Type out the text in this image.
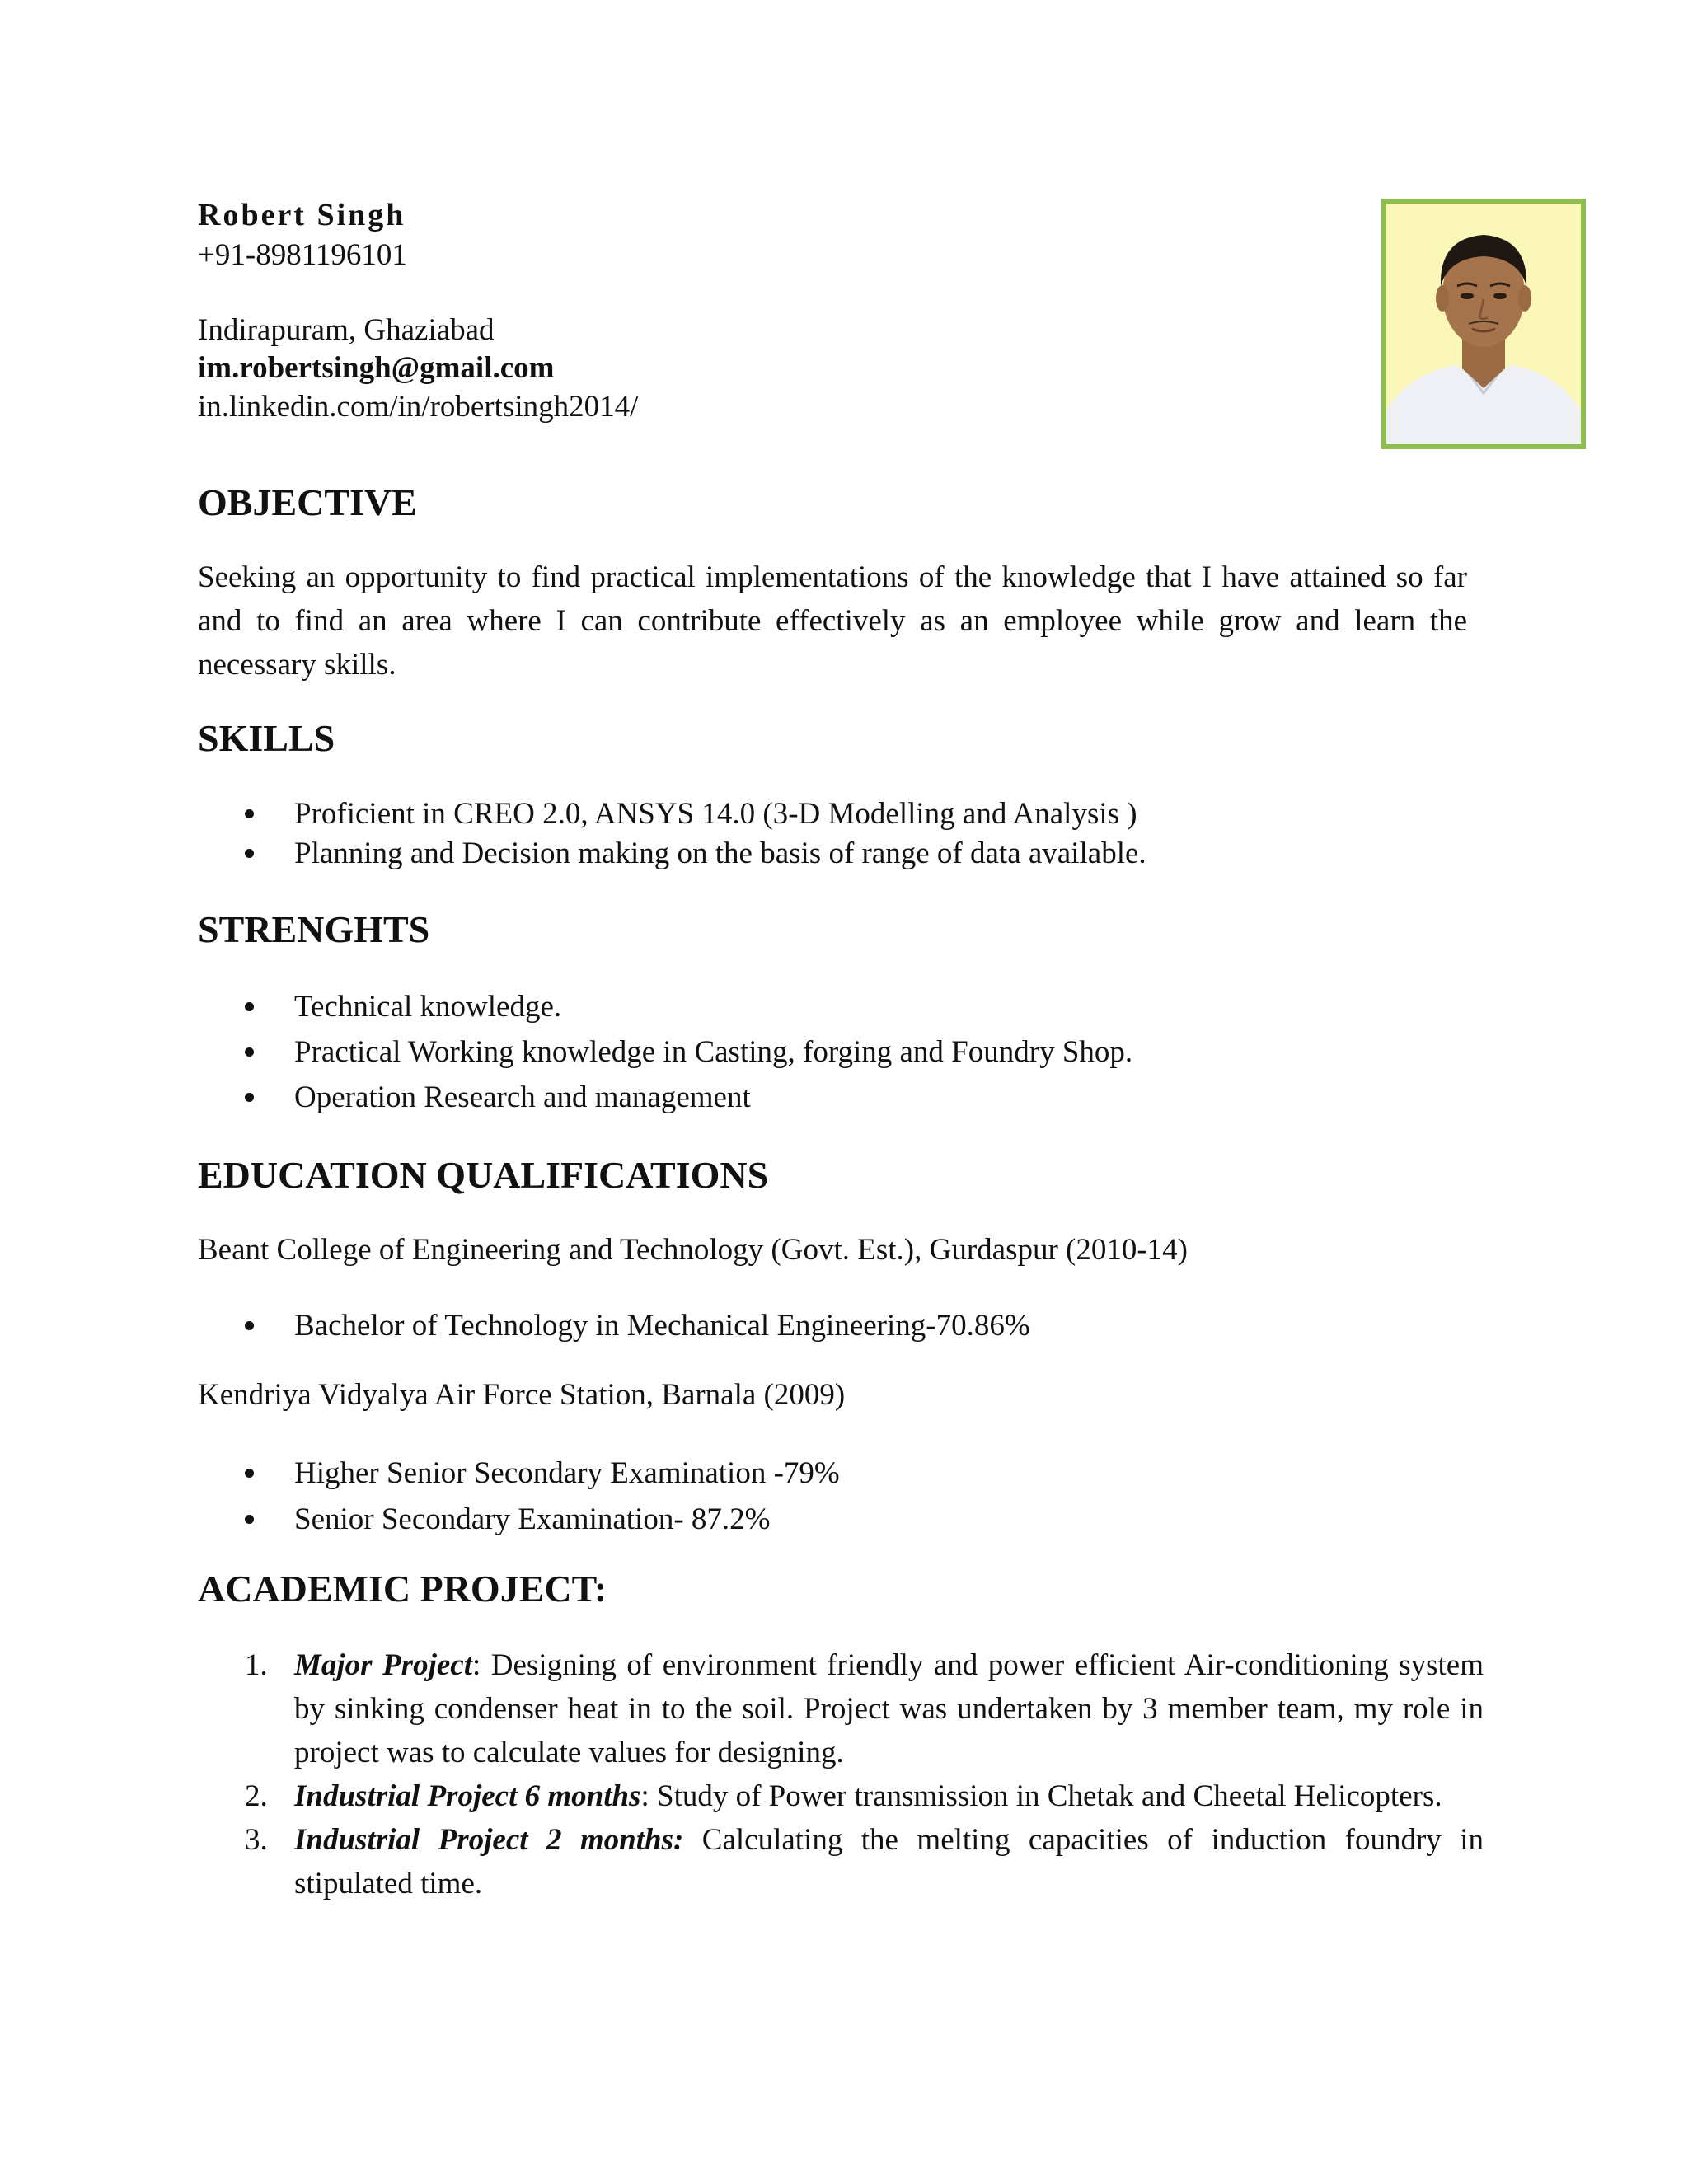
Robert Singh

+91-8981196101

Indirapuram, Ghaziabad

im.robertsingh@gmail.com

in.linkedin.com/in/robertsingh2014/

OBJECTIVE

Seeking an opportunity to find practical implementations of the knowledge that I have attained so far and to find an area where I can contribute effectively as an employee while grow and learn the necessary skills.

SKILLS
Proficient in CREO 2.0, ANSYS 14.0 (3-D Modelling and Analysis )
Planning and Decision making on the basis of range of data available.
STRENGHTS
Technical knowledge.
Practical Working knowledge in Casting, forging and Foundry Shop.
Operation Research and management
EDUCATION QUALIFICATIONS

Beant College of Engineering and Technology (Govt. Est.), Gurdaspur (2010-14)

Bachelor of Technology in Mechanical Engineering-70.86%

Kendriya Vidyalya Air Force Station, Barnala (2009)

Higher Senior Secondary Examination -79%
Senior Secondary Examination- 87.2%
ACADEMIC PROJECT:
1. Major Project: Designing of environment friendly and power efficient Air-conditioning system by sinking condenser heat in to the soil. Project was undertaken by 3 member team, my role in project was to calculate values for designing.
2. Industrial Project 6 months: Study of Power transmission in Chetak and Cheetal Helicopters.
3. Industrial Project 2 months: Calculating the melting capacities of induction foundry in stipulated time.
